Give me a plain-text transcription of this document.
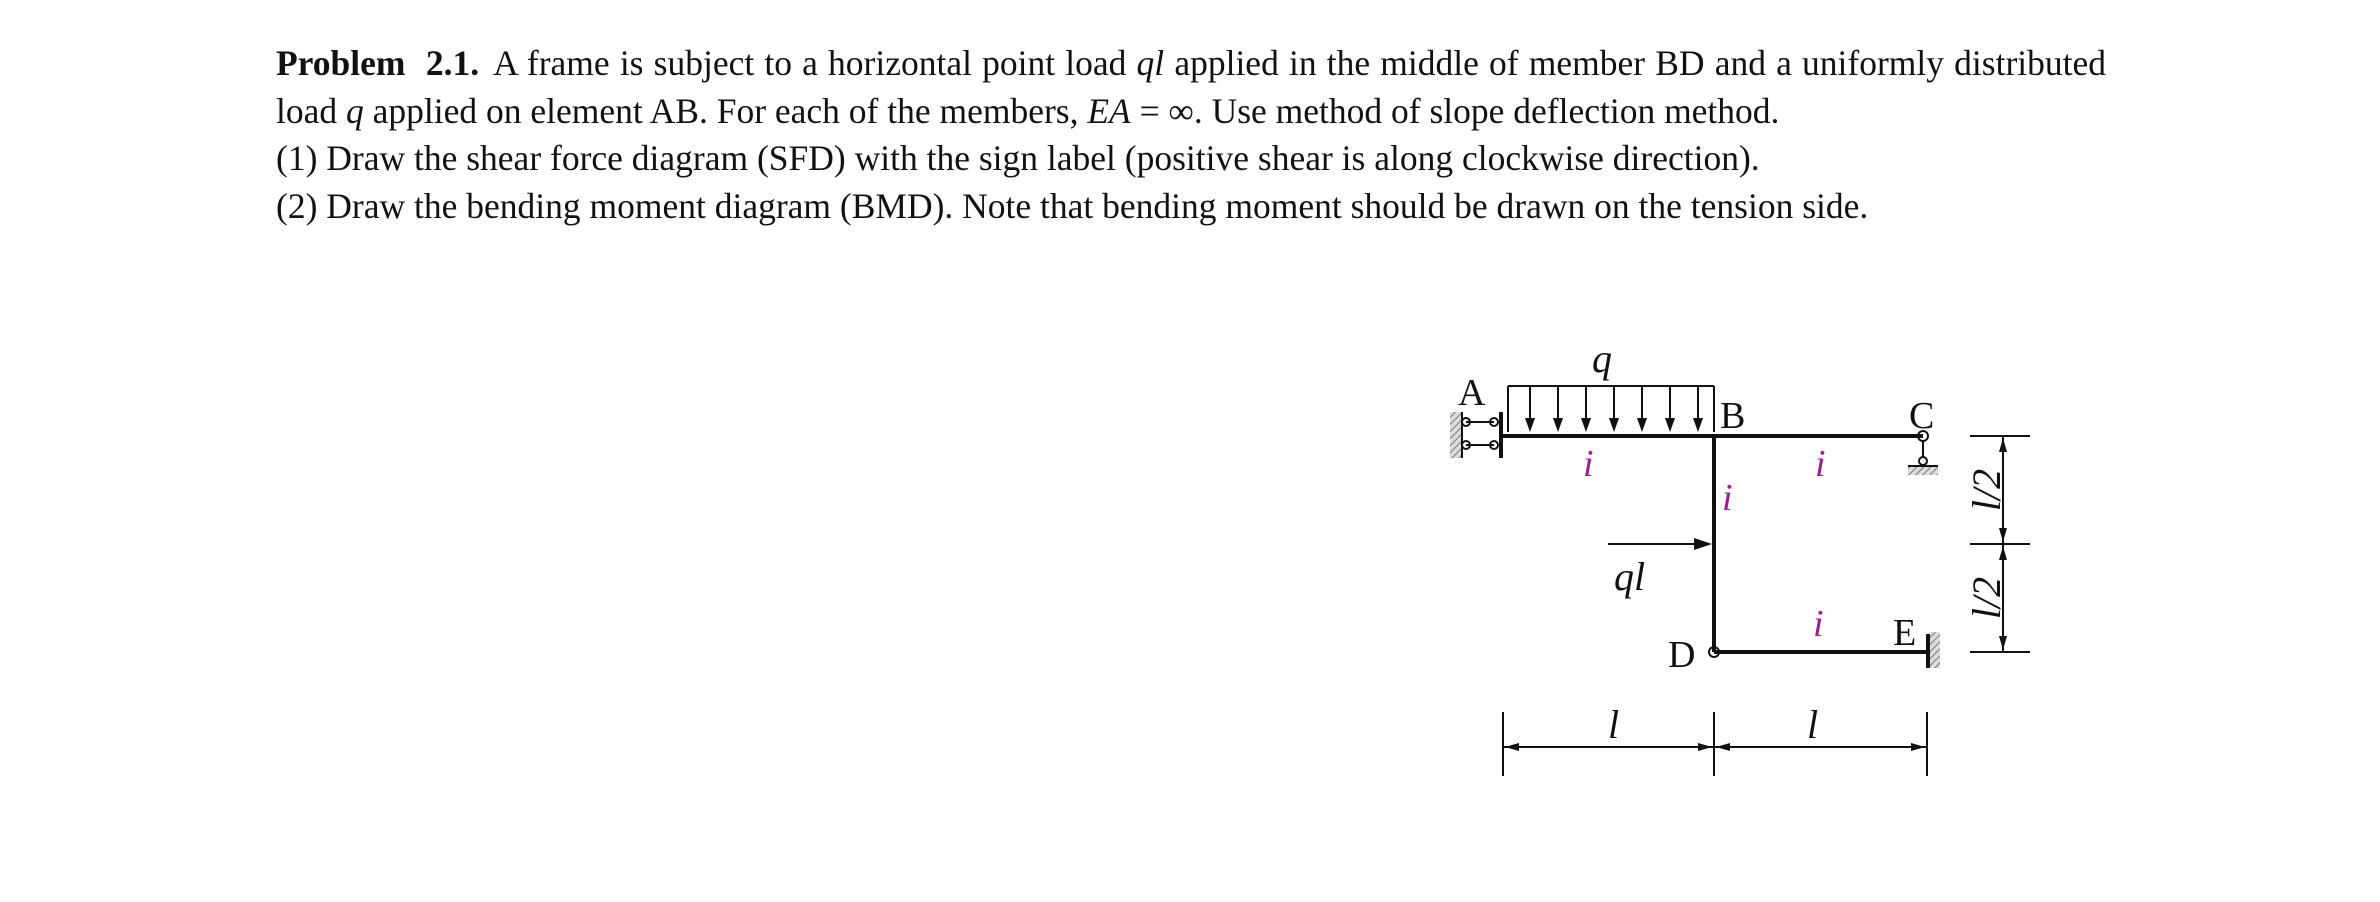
Problem 2.1. A frame is subject to a horizontal point load ql applied in the middle of member BD and a uniformly distributed load q applied on element AB. For each of the members, EA = ∞. Use method of slope deflection method.

(1) Draw the shear force diagram (SFD) with the sign label (positive shear is along clockwise direction).

(2) Draw the bending moment diagram (BMD). Note that bending moment should be drawn on the tension side.

q
ql
A
B	C
D
E
i	i
i
i
l	l
l/2
l/2
